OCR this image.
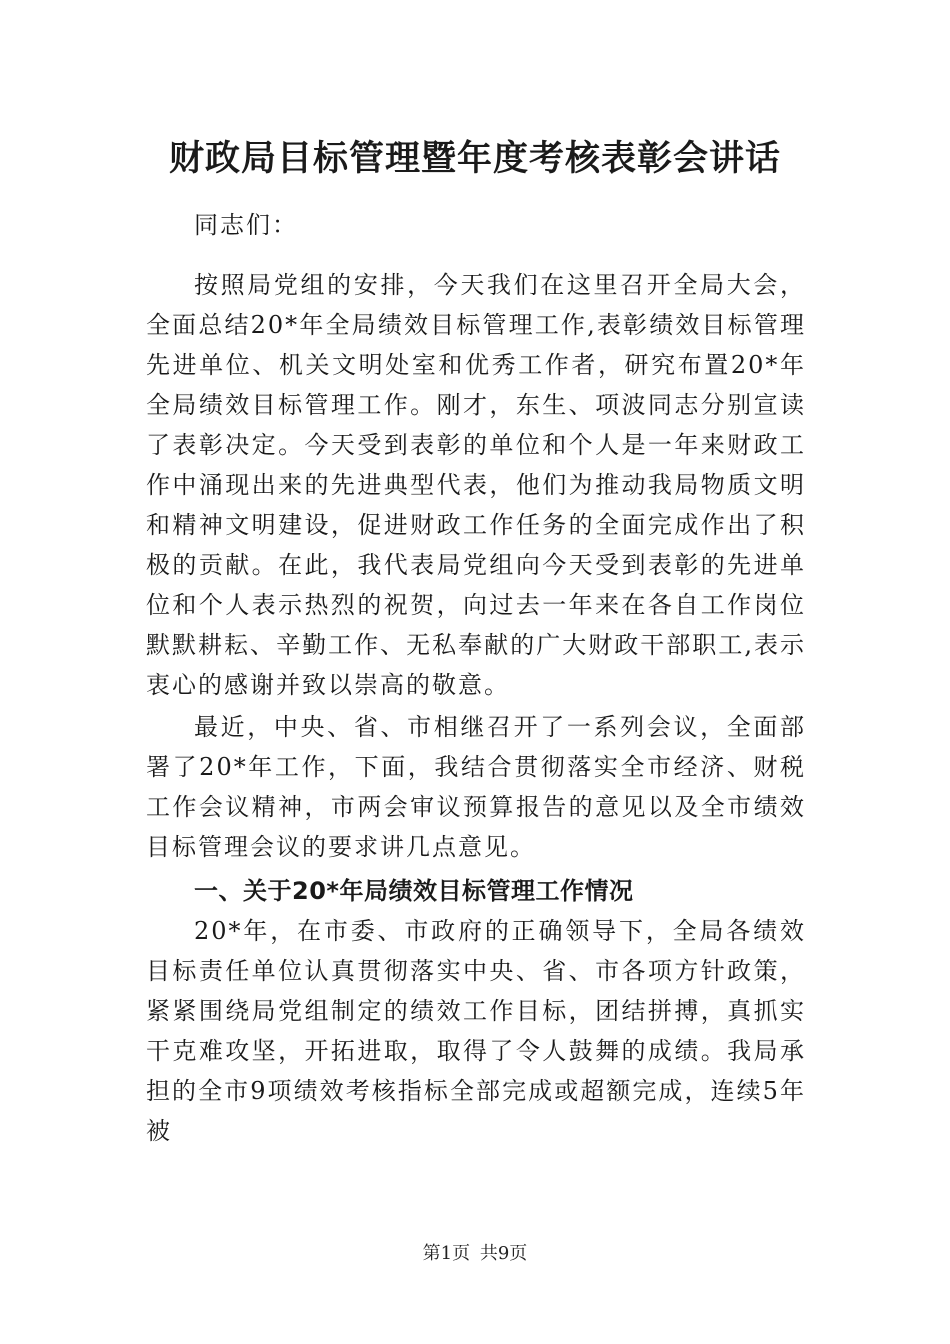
财政局目标管理暨年度考核表彰会讲话

同志们：

按照局党组的安排，今天我们在这里召开全局大会，全面总结20*年全局绩效目标管理工作,表彰绩效目标管理先进单位、机关文明处室和优秀工作者，研究布置20*年全局绩效目标管理工作。刚才，东生、项波同志分别宣读了表彰决定。今天受到表彰的单位和个人是一年来财政工作中涌现出来的先进典型代表，他们为推动我局物质文明和精神文明建设，促进财政工作任务的全面完成作出了积极的贡献。在此，我代表局党组向今天受到表彰的先进单位和个人表示热烈的祝贺，向过去一年来在各自工作岗位默默耕耘、辛勤工作、无私奉献的广大财政干部职工,表示衷心的感谢并致以崇高的敬意。

最近，中央、省、市相继召开了一系列会议，全面部署了20*年工作，下面，我结合贯彻落实全市经济、财税工作会议精神，市两会审议预算报告的意见以及全市绩效目标管理会议的要求讲几点意见。

一、关于20*年局绩效目标管理工作情况

20*年，在市委、市政府的正确领导下，全局各绩效目标责任单位认真贯彻落实中央、省、市各项方针政策，紧紧围绕局党组制定的绩效工作目标，团结拼搏，真抓实干克难攻坚，开拓进取，取得了令人鼓舞的成绩。我局承担的全市9项绩效考核指标全部完成或超额完成，连续5年被

第1页 共9页
